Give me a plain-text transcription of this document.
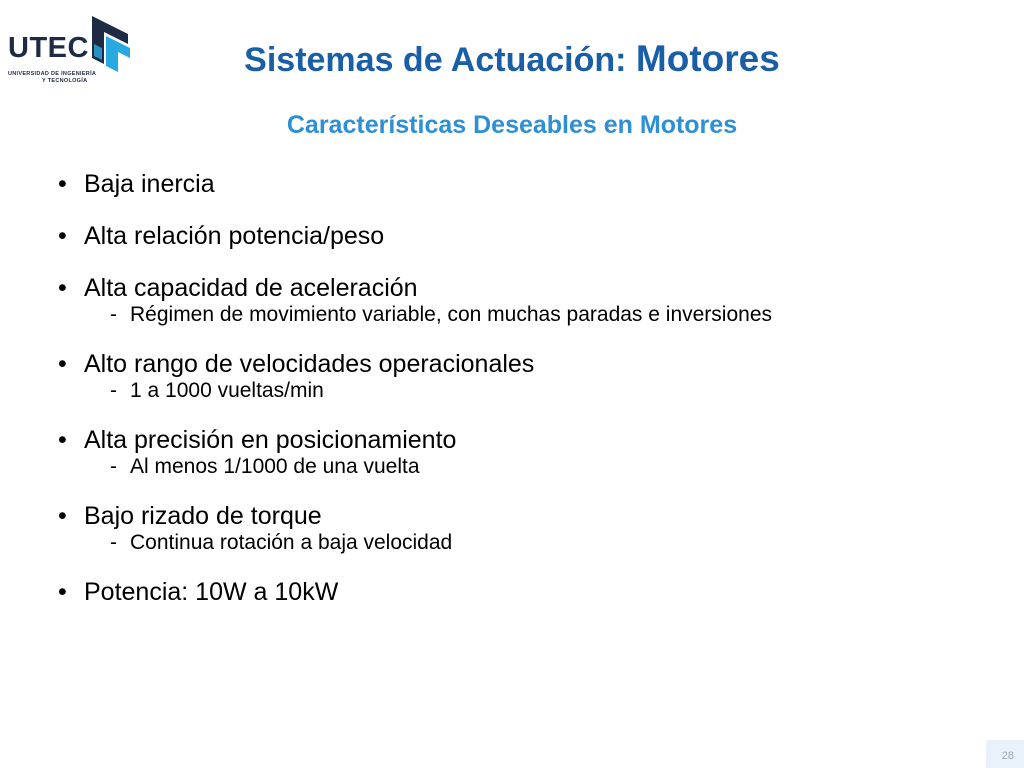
UTEC
UNIVERSIDAD DE INGENIERÍA
Y TECNOLOGÍA
Sistemas de Actuación: Motores
Características Deseables en Motores
• Baja inercia
• Alta relación potencia/peso
• Alta capacidad de aceleración
- Régimen de movimiento variable, con muchas paradas e inversiones
• Alto rango de velocidades operacionales
- 1 a 1000 vueltas/min
• Alta precisión en posicionamiento
- Al menos 1/1000 de una vuelta
• Bajo rizado de torque
- Continua rotación a baja velocidad
• Potencia: 10W a 10kW
28
